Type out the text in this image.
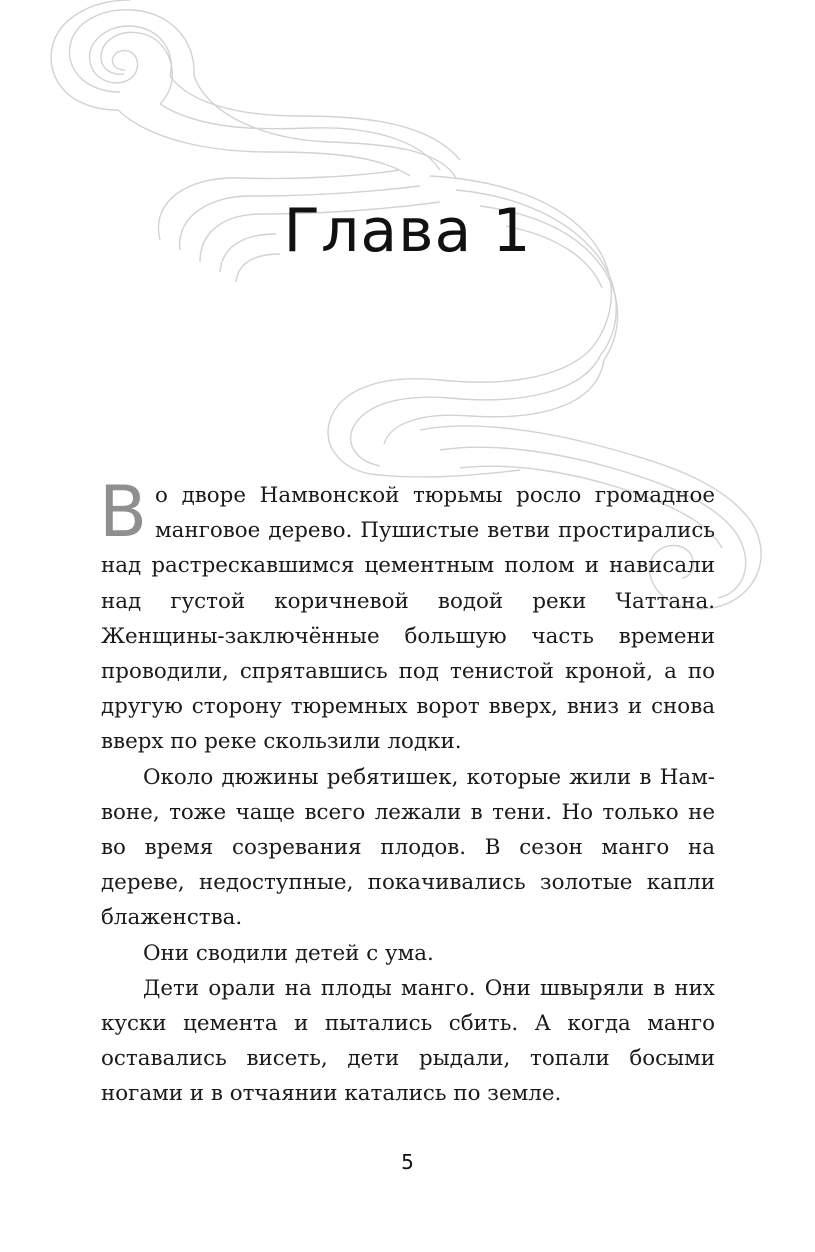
Глава 1

Во дворе Намвонской тюрьмы росло громадное манговое дерево. Пушистые ветви простирались над растрескавшимся цементным полом и нависали над густой коричневой водой реки Чаттана. Женщины-заключённые большую часть времени проводили, спрятавшись под тенистой кроной, а по другую сторону тюремных ворот вверх, вниз и снова вверх по реке скользили лодки.

Около дюжины ребятишек, которые жили в Намвоне, тоже чаще всего лежали в тени. Но только не во время созревания плодов. В сезон манго на дереве, недоступные, покачивались золотые капли блаженства.

Они сводили детей с ума.

Дети орали на плоды манго. Они швыряли в них куски цемента и пытались сбить. А когда манго оставались висеть, дети рыдали, топали босыми ногами и в отчаянии катались по земле.

5
